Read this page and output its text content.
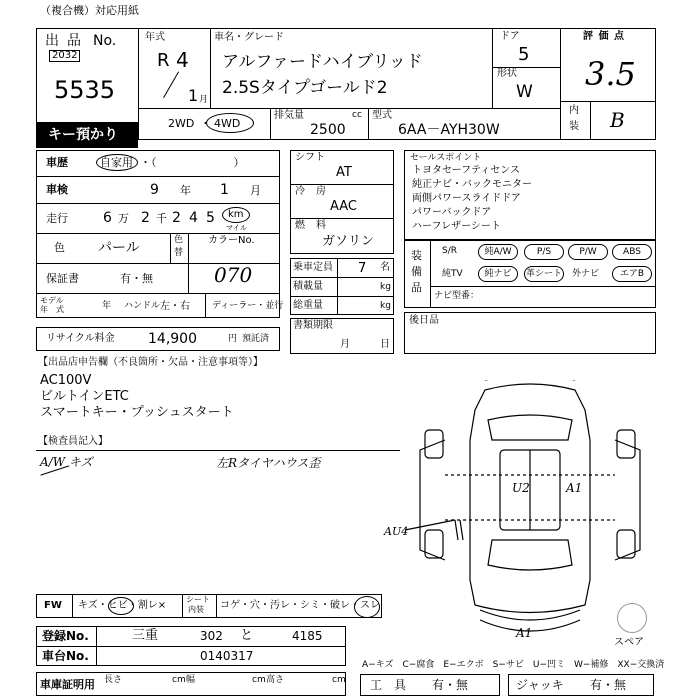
（複合機）対応用紙
出 品 No.
2032
5535
キー預かり
年式
R 4
1 月
車名・グレード
アルファードハイブリッド
2.5Sタイプゴールド2
ドア
5
形状
W
評 価 点
3.5
内
装 B
2WD ・ 4WD
排気量	cc
2500
型式
6AA－AYH30W
車歴	自家用 ・（　　　　　　　）
車検	9 年 1 月
走行	6 万 2 千 2 4 5 km
マイル
色 パール	色
替
カラーNo.
070
保証書	有・無
モデル
年　式	年 ハンドル 左・右 ディーラー・並行
リサイクル料金 14,900	円 預託済
シフト
AT
冷 房
AAC
燃 料
ガソリン
乗車定員 7 名
積載量	kg
総重量	kg
書類期限
月	日
セールスポイント
トヨタセーフティセンス
純正ナビ・バックモニター
両側パワースライドドア
パワーバックドア
ハーフレザーシート
装
備
品
S/R	純A/W	P/S	P/W	ABS
純TV	純ナビ	革シート 外ナビ	エアB
ナビ型番：
後日品
【出品店申告欄（不良箇所・欠品・注意事項等）】
AC100V
ビルトインETC
スマートキー・プッシュスタート
【検査員記入】
A/W キズ	左Rタイヤハウス歪
U2	A1
AU4
A1
スペア
FW キズ・ヒビ・割レ×
シート
内装 コゲ・穴・汚レ・シミ・破レ・スレ
登録No.	三重	302 と	4185
車台No.	0140317
車庫証明用 長さ	cm 幅	cm 高さ	cm
A−キズ　C−腐食　E−エクボ　S−サビ　U−凹ミ　W−補修　XX−交換済
工　具 有・無	ジャッキ 有・無
